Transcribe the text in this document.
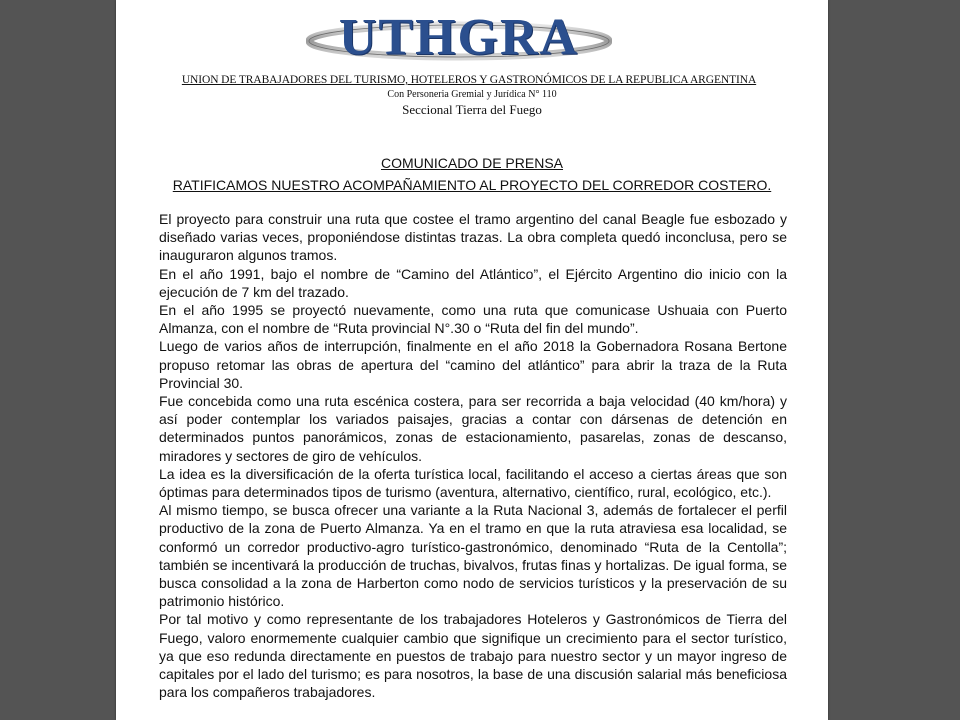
UTHGRA
UNION DE TRABAJADORES DEL TURISMO, HOTELEROS Y GASTRONÓMICOS DE LA REPUBLICA ARGENTINA
Con Personeria Gremial y Jurídica N° 110
Seccional Tierra del Fuego
COMUNICADO DE PRENSA
RATIFICAMOS NUESTRO ACOMPAÑAMIENTO AL PROYECTO DEL CORREDOR COSTERO.

El proyecto para construir una ruta que costee el tramo argentino del canal Beagle fue esbozado y diseñado varias veces, proponiéndose distintas trazas. La obra completa quedó inconclusa, pero se inauguraron algunos tramos.

En el año 1991, bajo el nombre de “Camino del Atlántico”, el Ejército Argentino dio inicio con la ejecución de 7 km del trazado.

En el año 1995 se proyectó nuevamente, como una ruta que comunicase Ushuaia con Puerto Almanza, con el nombre de “Ruta provincial N°.30 o “Ruta del fin del mundo”.

Luego de varios años de interrupción, finalmente en el año 2018 la Gobernadora Rosana Bertone propuso retomar las obras de apertura del “camino del atlántico” para abrir la traza de la Ruta Provincial 30.

Fue concebida como una ruta escénica costera, para ser recorrida a baja velocidad (40 km/hora) y así poder contemplar los variados paisajes, gracias a contar con dársenas de detención en determinados puntos panorámicos, zonas de estacionamiento, pasarelas, zonas de descanso, miradores y sectores de giro de vehículos.

La idea es la diversificación de la oferta turística local, facilitando el acceso a ciertas áreas que son óptimas para determinados tipos de turismo (aventura, alternativo, científico, rural, ecológico, etc.).

Al mismo tiempo, se busca ofrecer una variante a la Ruta Nacional 3, además de fortalecer el perfil productivo de la zona de Puerto Almanza. Ya en el tramo en que la ruta atraviesa esa localidad, se conformó un corredor productivo-agro turístico-gastronómico, denominado “Ruta de la Centolla”; también se incentivará la producción de truchas, bivalvos, frutas finas y hortalizas. De igual forma, se busca consolidad a la zona de Harberton como nodo de servicios turísticos y la preservación de su patrimonio histórico.

Por tal motivo y como representante de los trabajadores Hoteleros y Gastronómicos de Tierra del Fuego, valoro enormemente cualquier cambio que signifique un crecimiento para el sector turístico, ya que eso redunda directamente en puestos de trabajo para nuestro sector y un mayor ingreso de capitales por el lado del turismo; es para nosotros, la base de una discusión salarial más beneficiosa para los compañeros trabajadores.
